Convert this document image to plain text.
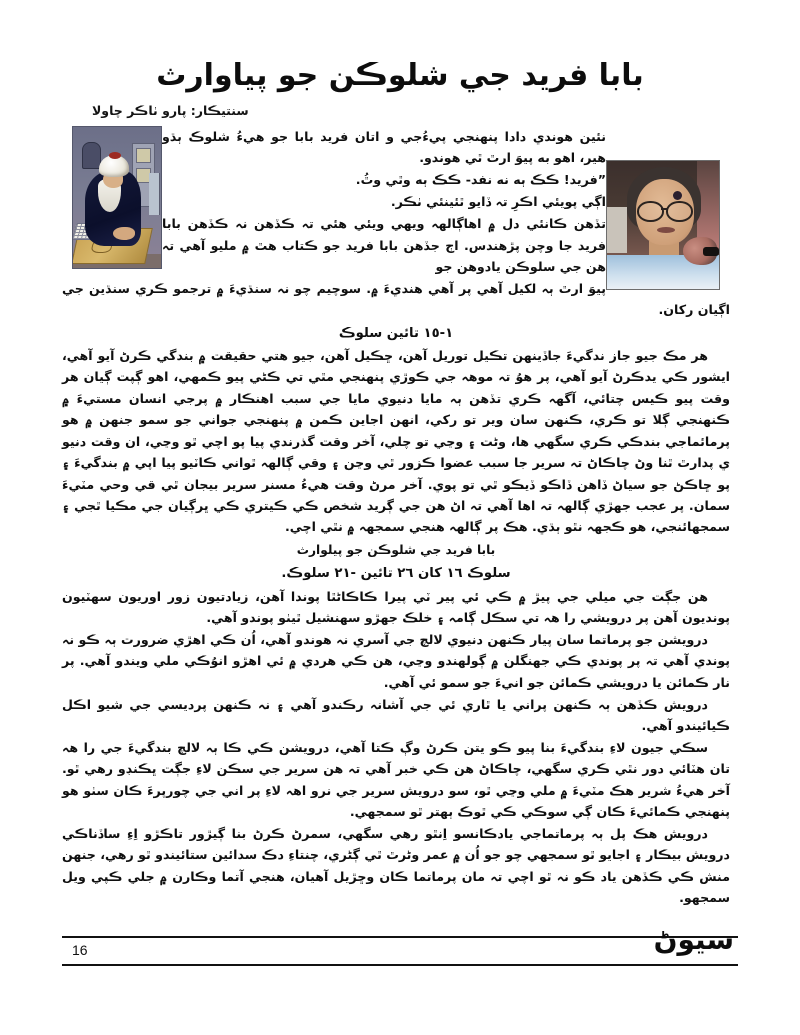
بابا فريد جي شلوڪن جو پياوارث
سنتيڪار: پارو ٺاڪر چاولا

نئين ھوندي دادا پنھنجي پيءُجي و اتان فريد بابا جو هيءُ شلوڪ ٻڌو هير، اهو به پيوَ ارٿ ٿي ھوندو.

”فريد! ڪڪ ٻه نه نفد- ڪڪ ٻه وٿي وٿُ.

اڳي پويئي اڪرِ تہ ڏايو ٿئينئي ٺڪر.

تڏهن ڪانئي دل ۾ اهاڳالهہ ويهي ويئي ھئي تہ ڪڏهن نہ ڪڏهن بابا فريد جا وچن پڙهندس. اڄ جڏهن بابا فريد جو ڪتاب هٿ ۾ مليو آهي تہ هن جي سلوڪن يادوهن جو

پيوَ ارٿ ٻہ لکيل آهي پر آهي ھنديءَ ۾. سوچيم چو نہ سنڌيءَ ۾ ترجمو ڪري سنڌين جي اڳيان رکان.

١-١٥ تائين سلوڪ

هر مڪ جيو جاز ندگيءَ جاڏينهن تڪيل توريل آهن، ڇڪيل آهن، جيو هتي حقيقت ۾ بندگي ڪرڻ آيو آهي، ايشور ڪي يدڪرڻ آيو آهي، پر هوُ تہ موهہ جي ڪوڙي پنهنجي مٿي تي ڪڻي پيو ڪمهي، اهو ڳپت ڳيان هر وقت پيو ڪيس چتائي، آگهہ ڪري تڏهن ٻہ مايا دنيوي مايا جي سبب اهنڪار ۾ پرجي انسان مستيءَ ۾ ڪنهنجي ڳلا تو ڪري، ڪنهن سان وير تو رکي، انهن اجاين ڪمن ۾ پنهنجي جواني جو سمو جنهن ۾ هو پرمائماجي بندڪي ڪري سگهي ها، وڻت ۽ وڃي تو چلي، آخر وقت گذرندي پيا پو اچي ٿو وڃي، ان وقت دنيو ي پدارٿ ٿنا وڻ چاڪاڻ تہ سرير جا سبب عضوا ڪزور ٿي وڃن ۽ وقي ڳالهہ ٿواني ڪاٽيو پيا اپي ۾ بندگيءَ ۽ پو ڇاڪڻ جو سياڻ ڏاهن ڏاڪو ڏيڪو ٿي تو پوي. آخر مرڻ وقت هيءُ مسنر سرير بيجان ٿي قي وحي مٽيءَ سمان. پر عجب جهڙي ڳالهہ تہ اها آهي تہ اڻ هن جي ڳريد شخص ڪي ڪيتري ڪي ڀرڳيان جي مڪيا ٿجي ۽ سمجهائنجي، هو ڪجهہ نٿو ٻڌي. هڪ پر ڳالهہ هنجي سمجهہ ۾ نٿي اچي.

بابا فريد جي شلوڪن جو پيلوارث
سلوڪ ١٦ کان ٢٦ تائين -٢١ سلوڪ.

هن جڳت جي ميلي جي پيڙ ۾ ڪي ئي پير ٽي پيرا ڪاڪاڻٿا پوندا آهن، زيادتيون زور اوريون سهٽيون پونديون آهن پر درويشي را هہ تي سڪل ڳامہ ۽ خلڪ جهڙو سهنشيل ٿيٺو پوندو آهي.

درويشن جو پرماتما سان پيار ڪنهن دنيوي لالچ جي آسري نہ ھوندو آهي، اُن ڪي اهڙي ضرورت ٻہ ڪو نہ پوندي آهي تہ پر پوندي ڪي جهنگلن ۾ ڳولهندو وڃي، هن ڪي هردي ۾ ئي اهڙو انوُڪي ملي ويندو آهي. پر نار ڪمائن يا درويشي ڪمائن جو انيءَ جو سمو ئي آهي.

درويش ڪڏهن ٻہ ڪنهن پراني يا ٿاري ئي جي آشانہ رڪندو آهي ۽ نہ ڪنهن پرديسي جي شيو اڪل ڪيائيندو آهي.

سڪي جيون لاءِ بندگيءَ بنا پيو ڪو يتن ڪرڻ وڳ ڪتا آهي، درويشن ڪي ڪا ٻہ لالچ بندگيءَ جي را هہ تان هٽائي دور نٿي ڪري سگهي، چاڪاڻ هن ڪي خبر آهي تہ هن سرير جي سڪن لاءِ جڳت ڀڪنڊو رهي ٿو. آخر هيءُ شرير هڪ مٽيءَ ۾ ملي وڃي ٿو، سو درويش سرير جي نرو اهہ لاءِ پر اني جي چورپرءَ ڪان سٺو هو پنهنجي ڪمائيءَ ڪان ڳي سوڪي ڪي ٿوڪ ٻهتر ٿو سمجهي.

درويش هڪ پل ٻہ پرماتماجي يادڪانسو اِنٿو رهي سگهي، سمرڻ ڪرڻ بنا ڳيڙور تاڪڙو اِءِ ساڏناڪي درويش بيڪار ۽ اجايو ٿو سمجهي چو جو اُن ۾ عمر وڻرٿ ٿي ڳڻري، چنتاءِ دڪ سدائين ستائيندو ٿو رهي، جنهن منش ڪي ڪڏهن ياد ڪو نہ ٿو اچي تہ مان پرماتما ڪان وڇڙيل آهيان، هنجي آتما وڪارن ۾ جلي ڪپي ويل سمجهو.

16	سيوڻ
